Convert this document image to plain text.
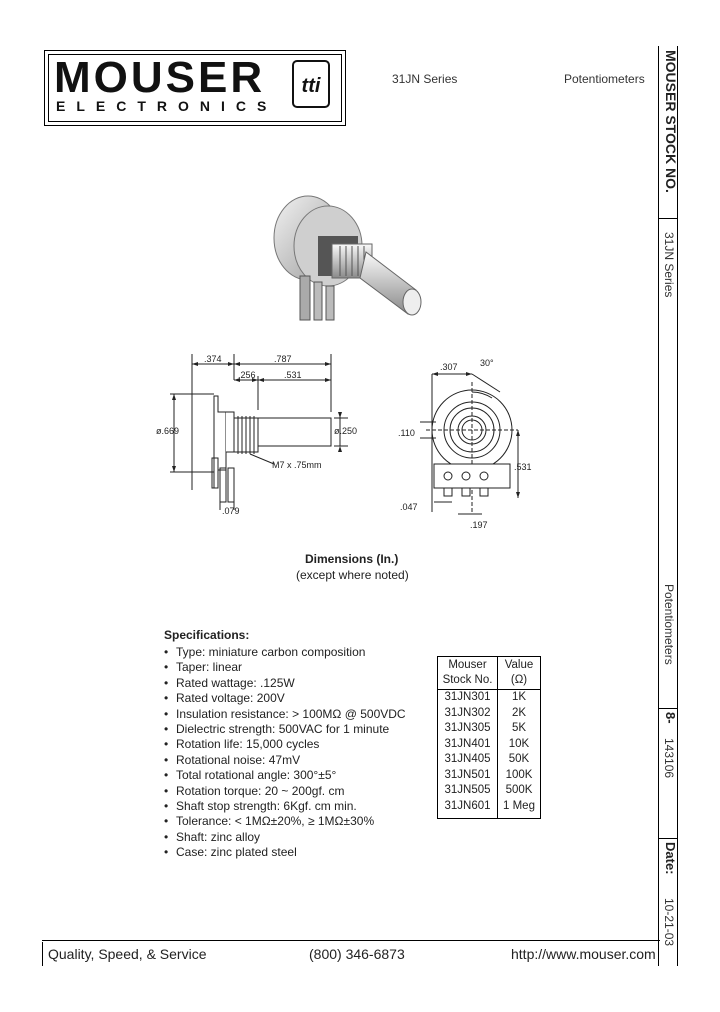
MOUSER
ELECTRONICS
tti	31JN Series	Potentiometers MOUSER STOCK NO.
31JN Series
Potentiometers
8-
143106
Date:
10-21-03
.374	.787
.256	.531
ø.669	ø.250
M7 x .75mm
.079
.307 30°
.110
.531
.047
.197
Dimensions (In.)
(except where noted)
Specifications:
• Type: miniature carbon composition
• Taper: linear
• Rated wattage: .125W
• Rated voltage: 200V
• Insulation resistance: > 100MΩ @ 500VDC
• Dielectric strength: 500VAC for 1 minute
• Rotation life: 15,000 cycles
• Rotational noise: 47mV
• Total rotational angle: 300°±5°
• Rotation torque: 20 ~ 200gf. cm
• Shaft stop strength: 6Kgf. cm min.
• Tolerance: < 1MΩ±20%, ≥ 1MΩ±30%
• Shaft: zinc alloy
• Case: zinc plated steel
Mouser
Stock No.
Value
(Ω)
31JN301	1K
31JN302	2K
31JN305	5K
31JN401	10K
31JN405	50K
31JN501	100K
31JN505	500K
31JN601	1 Meg
Quality, Speed, & Service	(800) 346-6873	http://www.mouser.com
